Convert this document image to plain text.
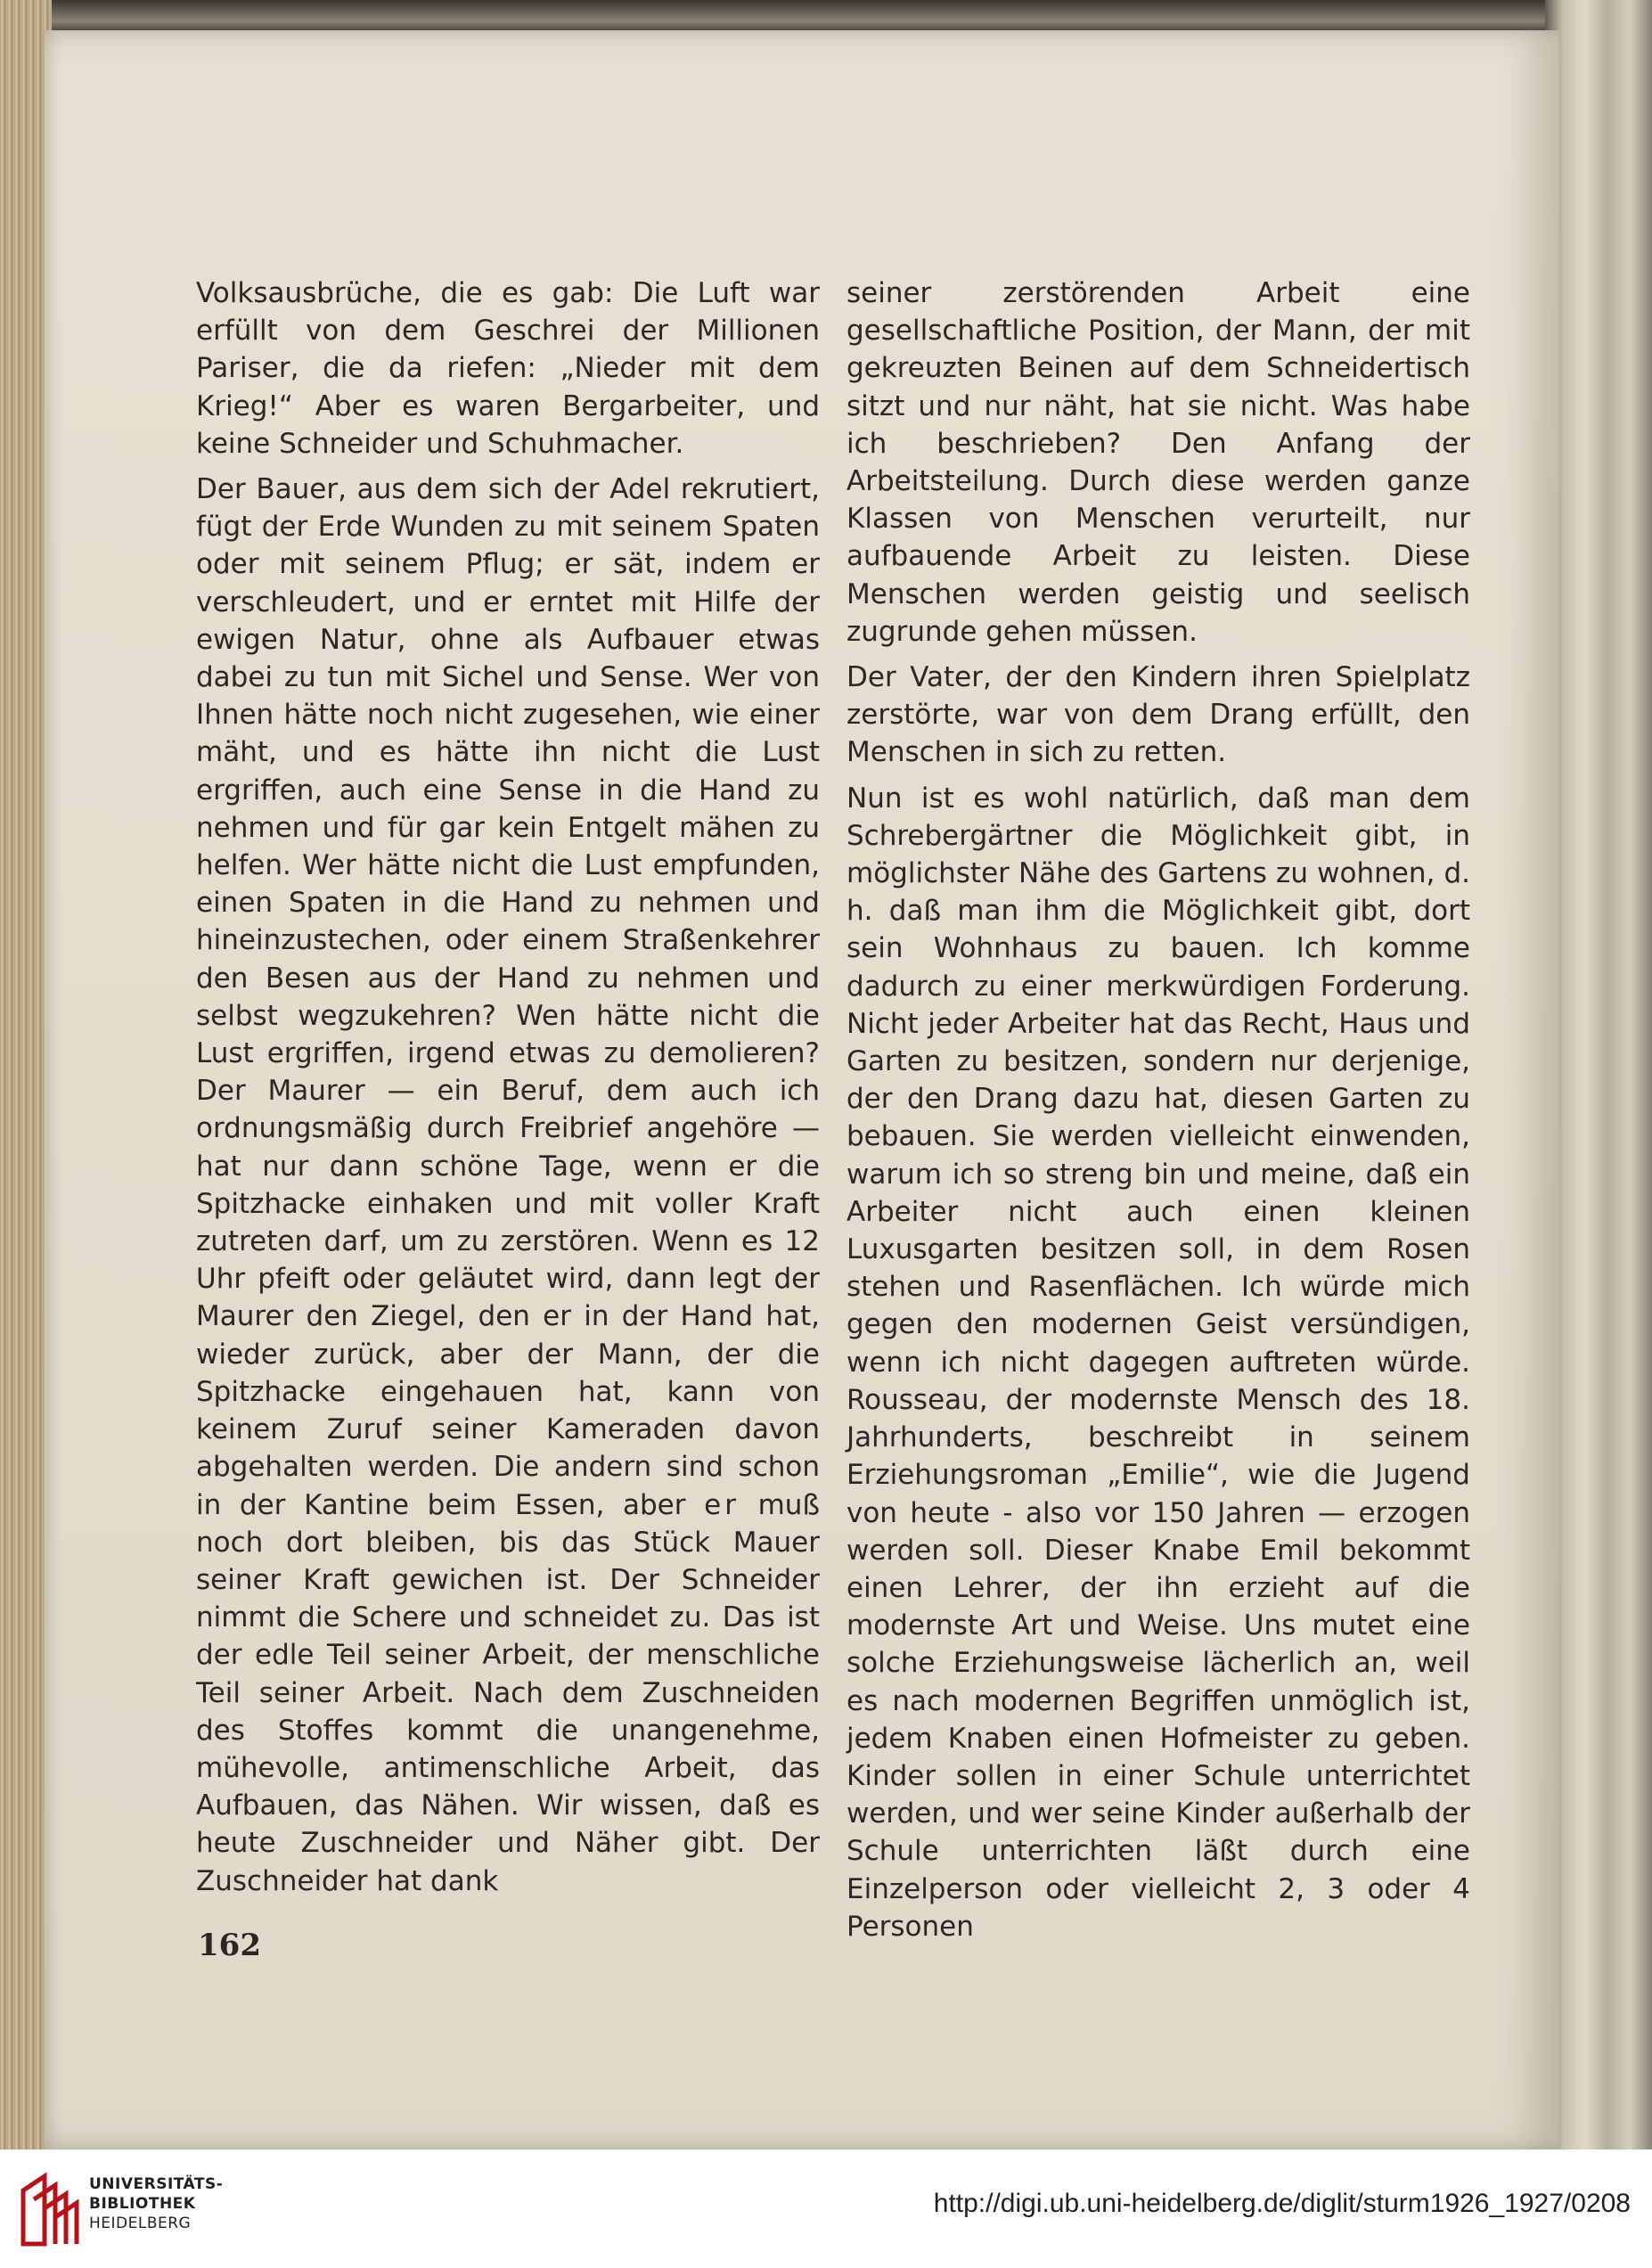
Volksausbrüche, die es gab: Die Luft war erfüllt von dem Geschrei der Millionen Pariser, die da riefen: „Nieder mit dem Krieg!“ Aber es waren Bergarbeiter, und keine Schneider und Schuhmacher.

Der Bauer, aus dem sich der Adel rekrutiert, fügt der Erde Wunden zu mit seinem Spaten oder mit seinem Pflug; er sät, indem er verschleudert, und er erntet mit Hilfe der ewigen Natur, ohne als Aufbauer etwas dabei zu tun mit Sichel und Sense. Wer von Ihnen hätte noch nicht zugesehen, wie einer mäht, und es hätte ihn nicht die Lust ergriffen, auch eine Sense in die Hand zu nehmen und für gar kein Entgelt mähen zu helfen. Wer hätte nicht die Lust empfunden, einen Spaten in die Hand zu nehmen und hineinzustechen, oder einem Straßenkehrer den Besen aus der Hand zu nehmen und selbst wegzukehren? Wen hätte nicht die Lust ergriffen, irgend etwas zu demolieren? Der Maurer — ein Beruf, dem auch ich ordnungsmäßig durch Freibrief angehöre — hat nur dann schöne Tage, wenn er die Spitzhacke einhaken und mit voller Kraft zutreten darf, um zu zerstören. Wenn es 12 Uhr pfeift oder geläutet wird, dann legt der Maurer den Ziegel, den er in der Hand hat, wieder zurück, aber der Mann, der die Spitzhacke eingehauen hat, kann von keinem Zuruf seiner Kameraden davon abgehalten werden. Die andern sind schon in der Kantine beim Essen, aber er muß noch dort bleiben, bis das Stück Mauer seiner Kraft gewichen ist. Der Schneider nimmt die Schere und schneidet zu. Das ist der edle Teil seiner Arbeit, der menschliche Teil seiner Arbeit. Nach dem Zuschneiden des Stoffes kommt die unangenehme, mühevolle, antimenschliche Arbeit, das Aufbauen, das Nähen. Wir wissen, daß es heute Zuschneider und Näher gibt. Der Zuschneider hat dank

seiner zerstörenden Arbeit eine gesellschaftliche Position, der Mann, der mit gekreuzten Beinen auf dem Schneidertisch sitzt und nur näht, hat sie nicht. Was habe ich beschrieben? Den Anfang der Arbeitsteilung. Durch diese werden ganze Klassen von Menschen verurteilt, nur aufbauende Arbeit zu leisten. Diese Menschen werden geistig und seelisch zugrunde gehen müssen.

Der Vater, der den Kindern ihren Spielplatz zerstörte, war von dem Drang erfüllt, den Menschen in sich zu retten.

Nun ist es wohl natürlich, daß man dem Schrebergärtner die Möglichkeit gibt, in möglichster Nähe des Gartens zu wohnen, d. h. daß man ihm die Möglichkeit gibt, dort sein Wohnhaus zu bauen. Ich komme dadurch zu einer merkwürdigen Forderung. Nicht jeder Arbeiter hat das Recht, Haus und Garten zu besitzen, sondern nur derjenige, der den Drang dazu hat, diesen Garten zu bebauen. Sie werden vielleicht einwenden, warum ich so streng bin und meine, daß ein Arbeiter nicht auch einen kleinen Luxusgarten besitzen soll, in dem Rosen stehen und Rasenflächen. Ich würde mich gegen den modernen Geist versündigen, wenn ich nicht dagegen auftreten würde. Rousseau, der modernste Mensch des 18. Jahrhunderts, beschreibt in seinem Erziehungsroman „Emilie“, wie die Jugend von heute - also vor 150 Jahren — erzogen werden soll. Dieser Knabe Emil bekommt einen Lehrer, der ihn erzieht auf die modernste Art und Weise. Uns mutet eine solche Erziehungsweise lächerlich an, weil es nach modernen Begriffen unmöglich ist, jedem Knaben einen Hofmeister zu geben. Kinder sollen in einer Schule unterrichtet werden, und wer seine Kinder außerhalb der Schule unterrichten läßt durch eine Einzelperson oder vielleicht 2, 3 oder 4 Personen

162
UNIVERSITÄTS-
BIBLIOTHEK
HEIDELBERG
http://digi.ub.uni-heidelberg.de/diglit/sturm1926_1927/0208
